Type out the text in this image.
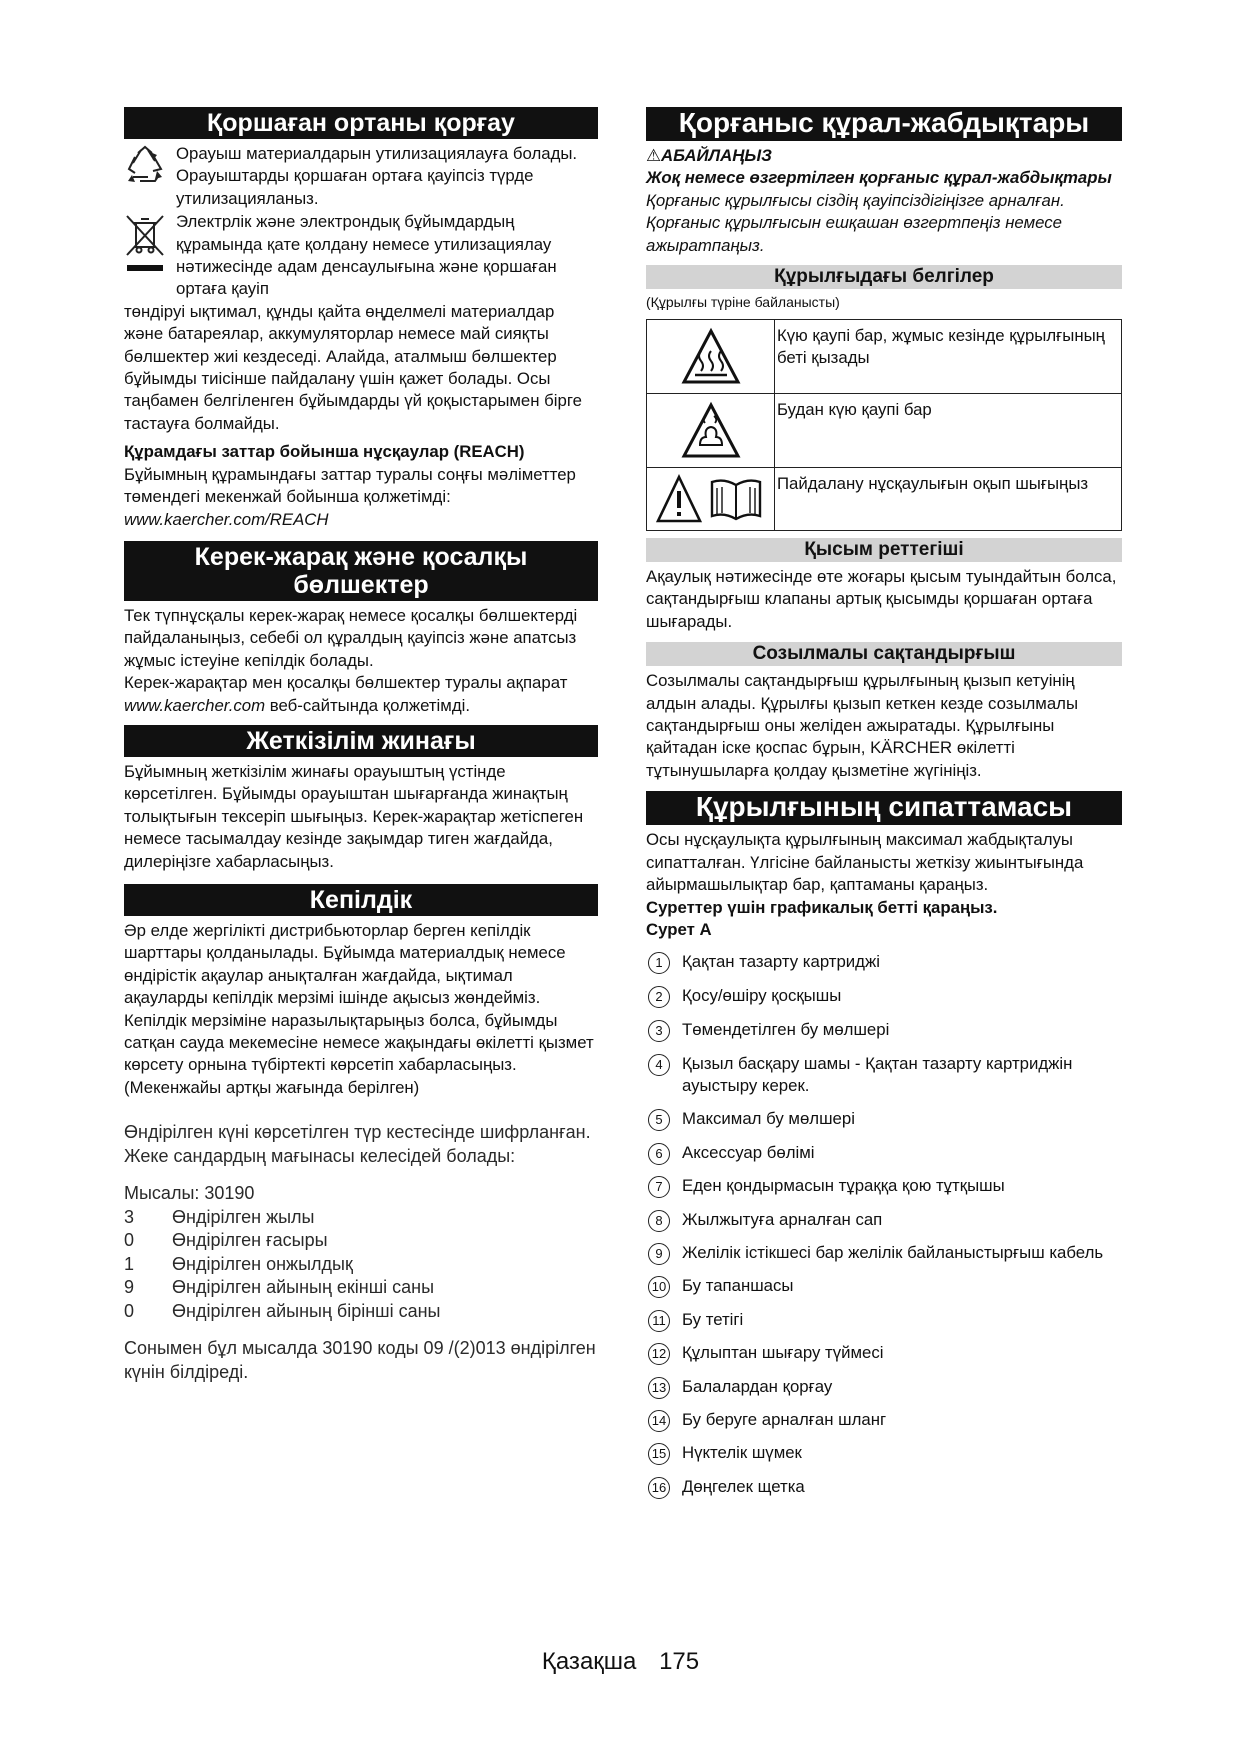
Қоршаған ортаны қорғау

Орауыш материалдарын утилизациялауға болады. Орауыштарды қоршаған ортаға қауіпсіз түрде утилизацияланыз.

Электрлік және электрондық бұйымдардың құрамында қате қолдану немесе утилизациялау нәтижесінде адам денсаулығына және қоршаған ортаға қауіп

төндіруі ықтимал, құнды қайта өңделмелі материалдар және батареялар, аккумуляторлар немесе май сияқты бөлшектер жиі кездеседі. Алайда, аталмыш бөлшектер бұйымды тиісінше пайдалану үшін қажет болады. Осы таңбамен белгіленген бұйымдарды үй қоқыстарымен бірге тастауға болмайды.

Құрамдағы заттар бойынша нұсқаулар (REACH)

Бұйымның құрамындағы заттар туралы соңғы мәліметтер төмендегі мекенжай бойынша қолжетімді: www.kaercher.com/REACH

Керек-жарақ және қосалқы бөлшектер

Тек түпнұсқалы керек-жарақ немесе қосалқы бөлшектерді пайдаланыңыз, себебі ол құралдың қауіпсіз және апатсыз жұмыс істеуіне кепілдік болады.

Керек-жарақтар мен қосалқы бөлшектер туралы ақпарат www.kaercher.com веб-сайтында қолжетімді.

Жеткізілім жинағы

Бұйымның жеткізілім жинағы орауыштың үстінде көрсетілген. Бұйымды орауыштан шығарғанда жинақтың толықтығын тексеріп шығыңыз. Керек-жарақтар жетіспеген немесе тасымалдау кезінде зақымдар тиген жағдайда, дилеріңізге хабарласыңыз.

Кепілдік

Әр елде жергілікті дистрибьюторлар берген кепілдік шарттары қолданылады. Бұйымда материалдық немесе өндірістік ақаулар анықталған жағдайда, ықтимал ақауларды кепілдік мерзімі ішінде ақысыз жөндейміз. Кепілдік мерзіміне наразылықтарыңыз болса, бұйымды сатқан сауда мекемесіне немесе жақындағы өкілетті қызмет көрсету орнына түбіртекті көрсетіп хабарласыңыз.

(Мекенжайы артқы жағында берілген)

Өндірілген күні көрсетілген түр кестесінде шифрланған.

Жеке сандардың мағынасы келесідей болады:

Мысалы: 30190

3	Өндірілген жылы
0	Өндірілген ғасыры
1	Өндірілген онжылдық
9	Өндірілген айының екінші саны
0	Өндірілген айының бірінші саны

Сонымен бұл мысалда 30190 коды 09 /(2)013 өндірілген күнін білдіреді.

Қорғаныс құрал-жабдықтары

⚠АБАЙЛАҢЫЗ

Жоқ немесе өзгертілген қорғаныс құрал-жабдықтары

Қорғаныс құрылғысы сіздің қауіпсіздігіңізге арналған.

Қорғаныс құрылғысын ешқашан өзгертпеңіз немесе ажыратпаңыз.

Құрылғыдағы белгілер

(Құрылғы түріне байланысты)

	Күю қаупі бар, жұмыс кезінде құрылғының беті қызады
	Будан күю қаупі бар
	Пайдалану нұсқаулығын оқып шығыңыз
Қысым реттегіші

Ақаулық нәтижесінде өте жоғары қысым туындайтын болса, сақтандырғыш клапаны артық қысымды қоршаған ортаға шығарады.

Созылмалы сақтандырғыш

Созылмалы сақтандырғыш құрылғының қызып кетуінің алдын алады. Құрылғы қызып кеткен кезде созылмалы сақтандырғыш оны желіден ажыратады. Құрылғыны қайтадан іске қоспас бұрын, KÄRCHER өкілетті тұтынушыларға қолдау қызметіне жүгініңіз.

Құрылғының сипаттамасы

Осы нұсқаулықта құрылғының максимал жабдықталуы сипатталған. Үлгісіне байланысты жеткізу жиынтығында айырмашылықтар бар, қаптаманы қараңыз.

Суреттер үшін графикалық бетті қараңыз.

Сурет А

1	Қақтан тазарту картриджі
2	Қосу/өшіру қосқышы
3	Төмендетілген бу мөлшері
4	Қызыл басқару шамы - Қақтан тазарту картриджін ауыстыру керек.
5	Максимал бу мөлшері
6	Аксессуар бөлімі
7	Еден қондырмасын тұраққа қою тұтқышы
8	Жылжытуға арналған сап
9	Желілік істікшесі бар желілік байланыстырғыш кабель
10 Бу тапаншасы
11 Бу тетігі
12 Құлыптан шығару түймесі
13 Балалардан қорғау
14 Бу беруге арналған шланг
15 Нүктелік шүмек
16 Дөңгелек щетка
Қазақша 175
